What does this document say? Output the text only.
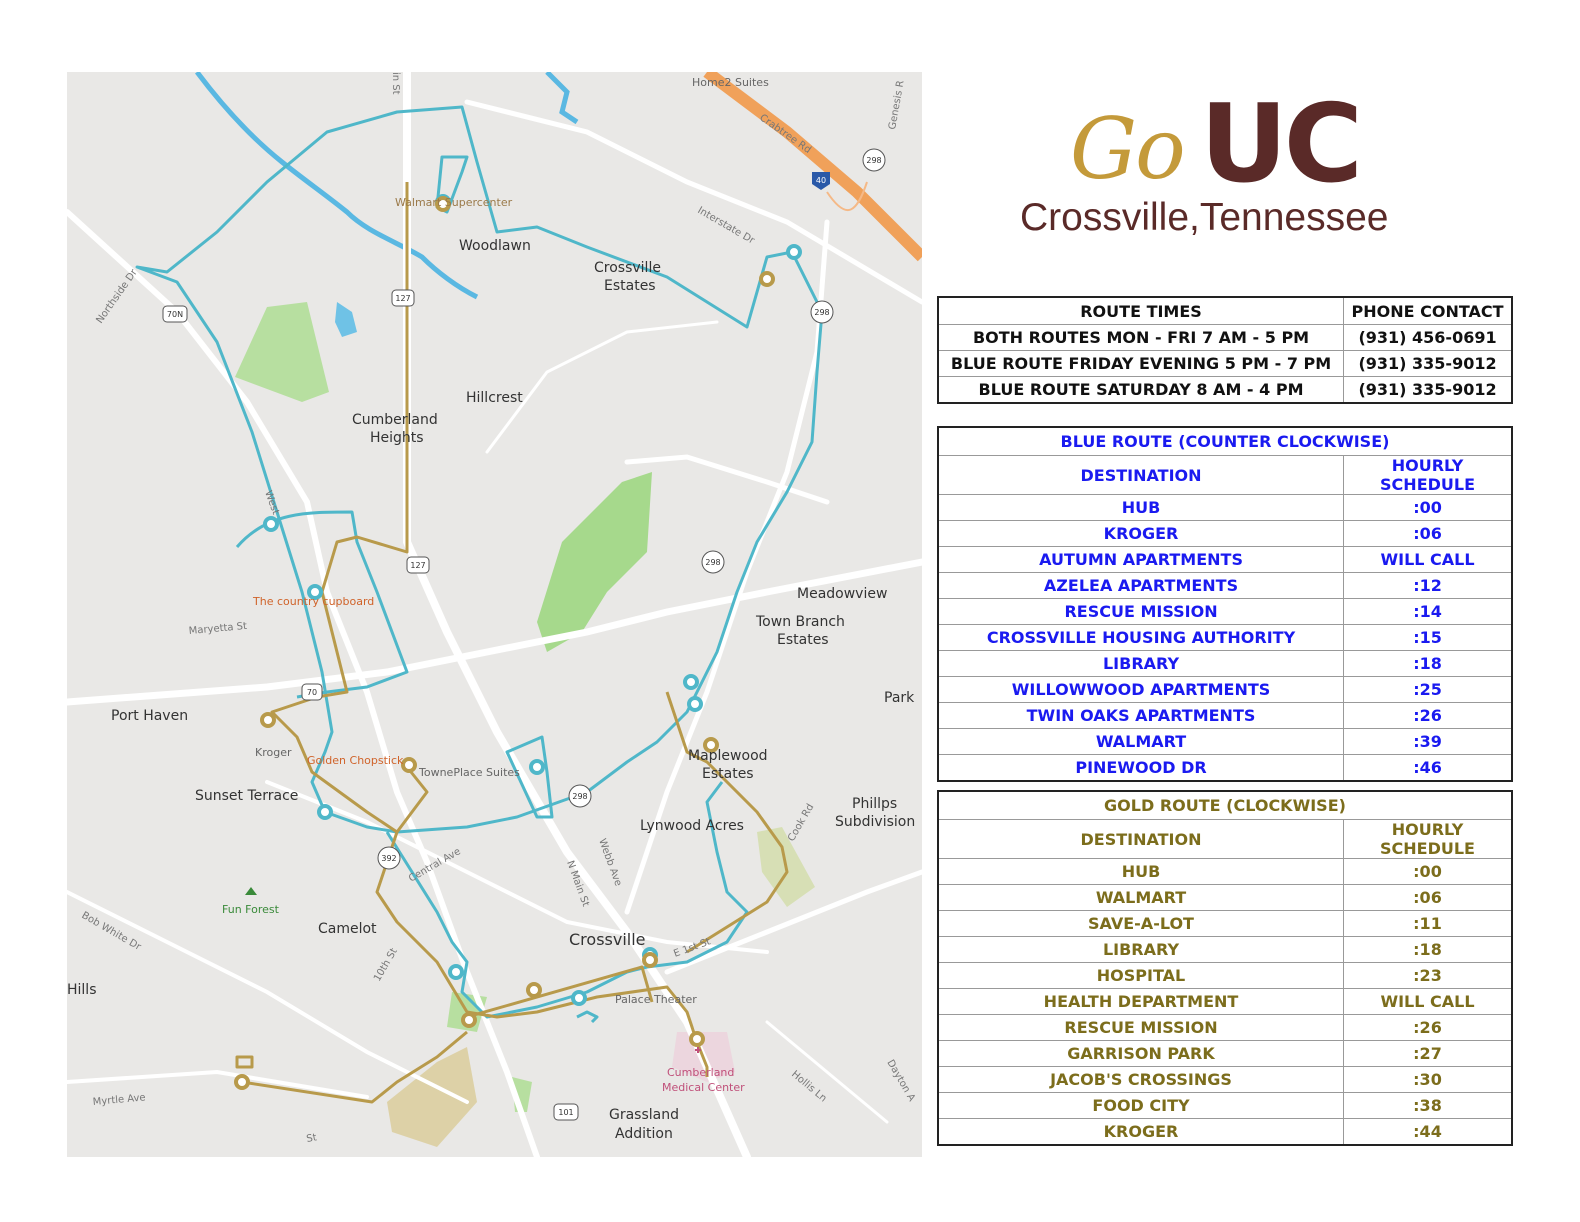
127
127
70N
70
298
298
298
298
392
101
40
Woodlawn
Crossville
Estates
Hillcrest
Cumberland
Heights
Meadowview
Town Branch
Estates
Park
Port Haven
Sunset Terrace
Maplewood
Estates
Lynwood Acres
Phillps
Subdivision
Camelot
Crossville
Hills
Grassland
Addition
Home2 Suites
Walmart Supercenter
The country cupboard
Kroger
Golden Chopstick
TownePlace Suites
Palace Theater
Cumberland
Medical Center
Fun Forest
N Main St Webb Ave
Central Ave
10th St	E 1st St
Cook Rd
Hollis Ln	Dayton A
Myrtle Ave
Maryetta St
Bob White Dr
Northside Dr
Crabtree Rd
Interstate Dr
Genesis R
West
in St
St
Go UC
Crossville,Tennessee
ROUTE TIMES	PHONE CONTACT
BOTH ROUTES MON - FRI 7 AM - 5 PM	(931) 456-0691
BLUE ROUTE FRIDAY EVENING 5 PM - 7 PM	(931) 335-9012
BLUE ROUTE SATURDAY 8 AM - 4 PM	(931) 335-9012
BLUE ROUTE (COUNTER CLOCKWISE)	
DESTINATION	HOURLY SCHEDULE
HUB	:00
KROGER	:06
AUTUMN APARTMENTS	WILL CALL
AZELEA APARTMENTS	:12
RESCUE MISSION	:14
CROSSVILLE HOUSING AUTHORITY	:15
LIBRARY	:18
WILLOWWOOD APARTMENTS	:25
TWIN OAKS APARTMENTS	:26
WALMART	:39
PINEWOOD DR	:46
GOLD ROUTE (CLOCKWISE)	
DESTINATION	HOURLY SCHEDULE
HUB	:00
WALMART	:06
SAVE-A-LOT	:11
LIBRARY	:18
HOSPITAL	:23
HEALTH DEPARTMENT	WILL CALL
RESCUE MISSION	:26
GARRISON PARK	:27
JACOB'S CROSSINGS	:30
FOOD CITY	:38
KROGER	:44
